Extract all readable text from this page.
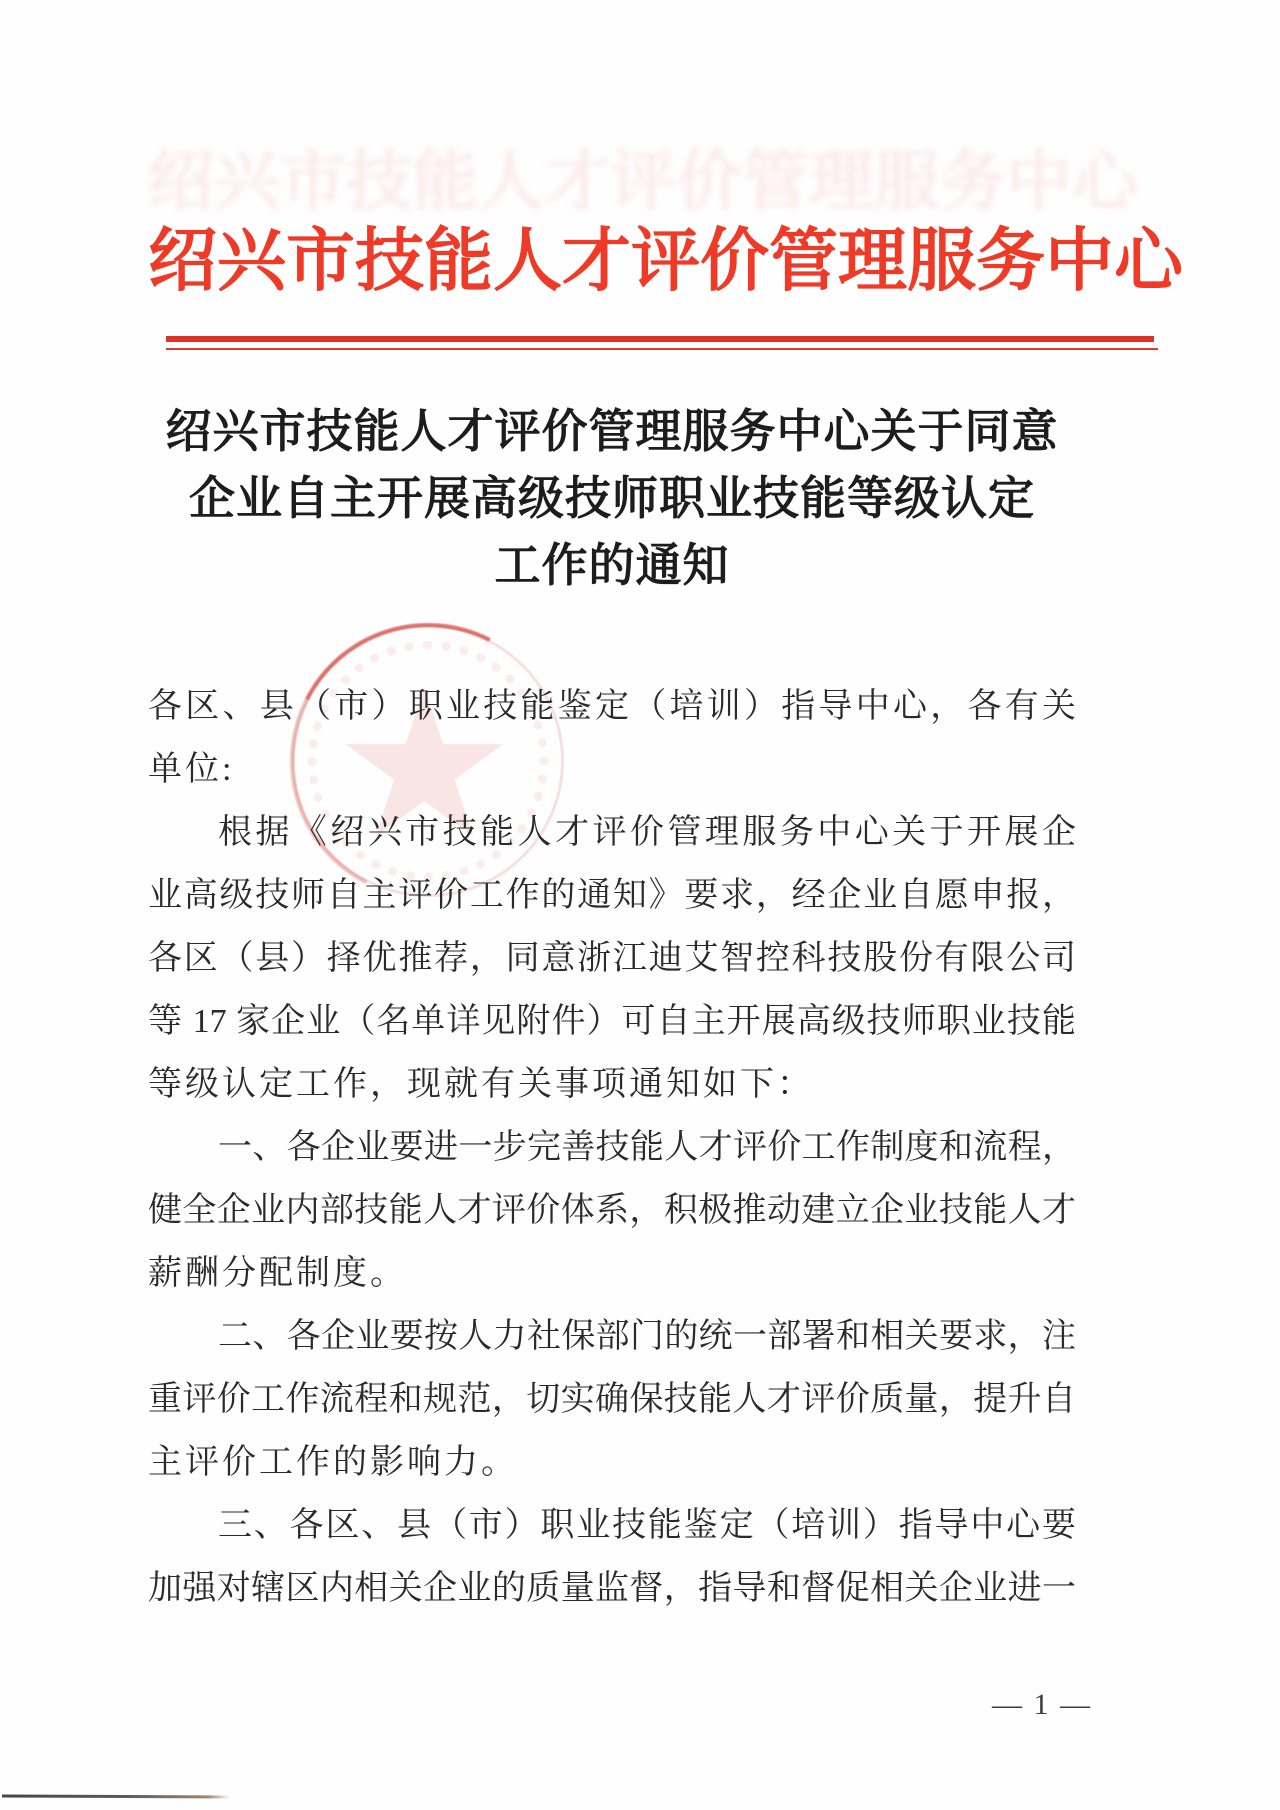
绍兴市技能人才评价管理服务中心
绍兴市技能人才评价管理服务中心
绍兴市技能人才评价管理服务中心关于同意
企业自主开展高级技师职业技能等级认定
工作的通知
★
各区、县（市）职业技能鉴定（培训）指导中心，各有关
单位:
根据《绍兴市技能人才评价管理服务中心关于开展企
业高级技师自主评价工作的通知》要求，经企业自愿申报，
各区（县）择优推荐，同意浙江迪艾智控科技股份有限公司
等 17 家企业（名单详见附件）可自主开展高级技师职业技能
等级认定工作，现就有关事项通知如下：
一、各企业要进一步完善技能人才评价工作制度和流程，
健全企业内部技能人才评价体系，积极推动建立企业技能人才
薪酬分配制度。
二、各企业要按人力社保部门的统一部署和相关要求，注
重评价工作流程和规范，切实确保技能人才评价质量，提升自
主评价工作的影响力。
三、各区、县（市）职业技能鉴定（培训）指导中心要
加强对辖区内相关企业的质量监督，指导和督促相关企业进一
— 1 —
